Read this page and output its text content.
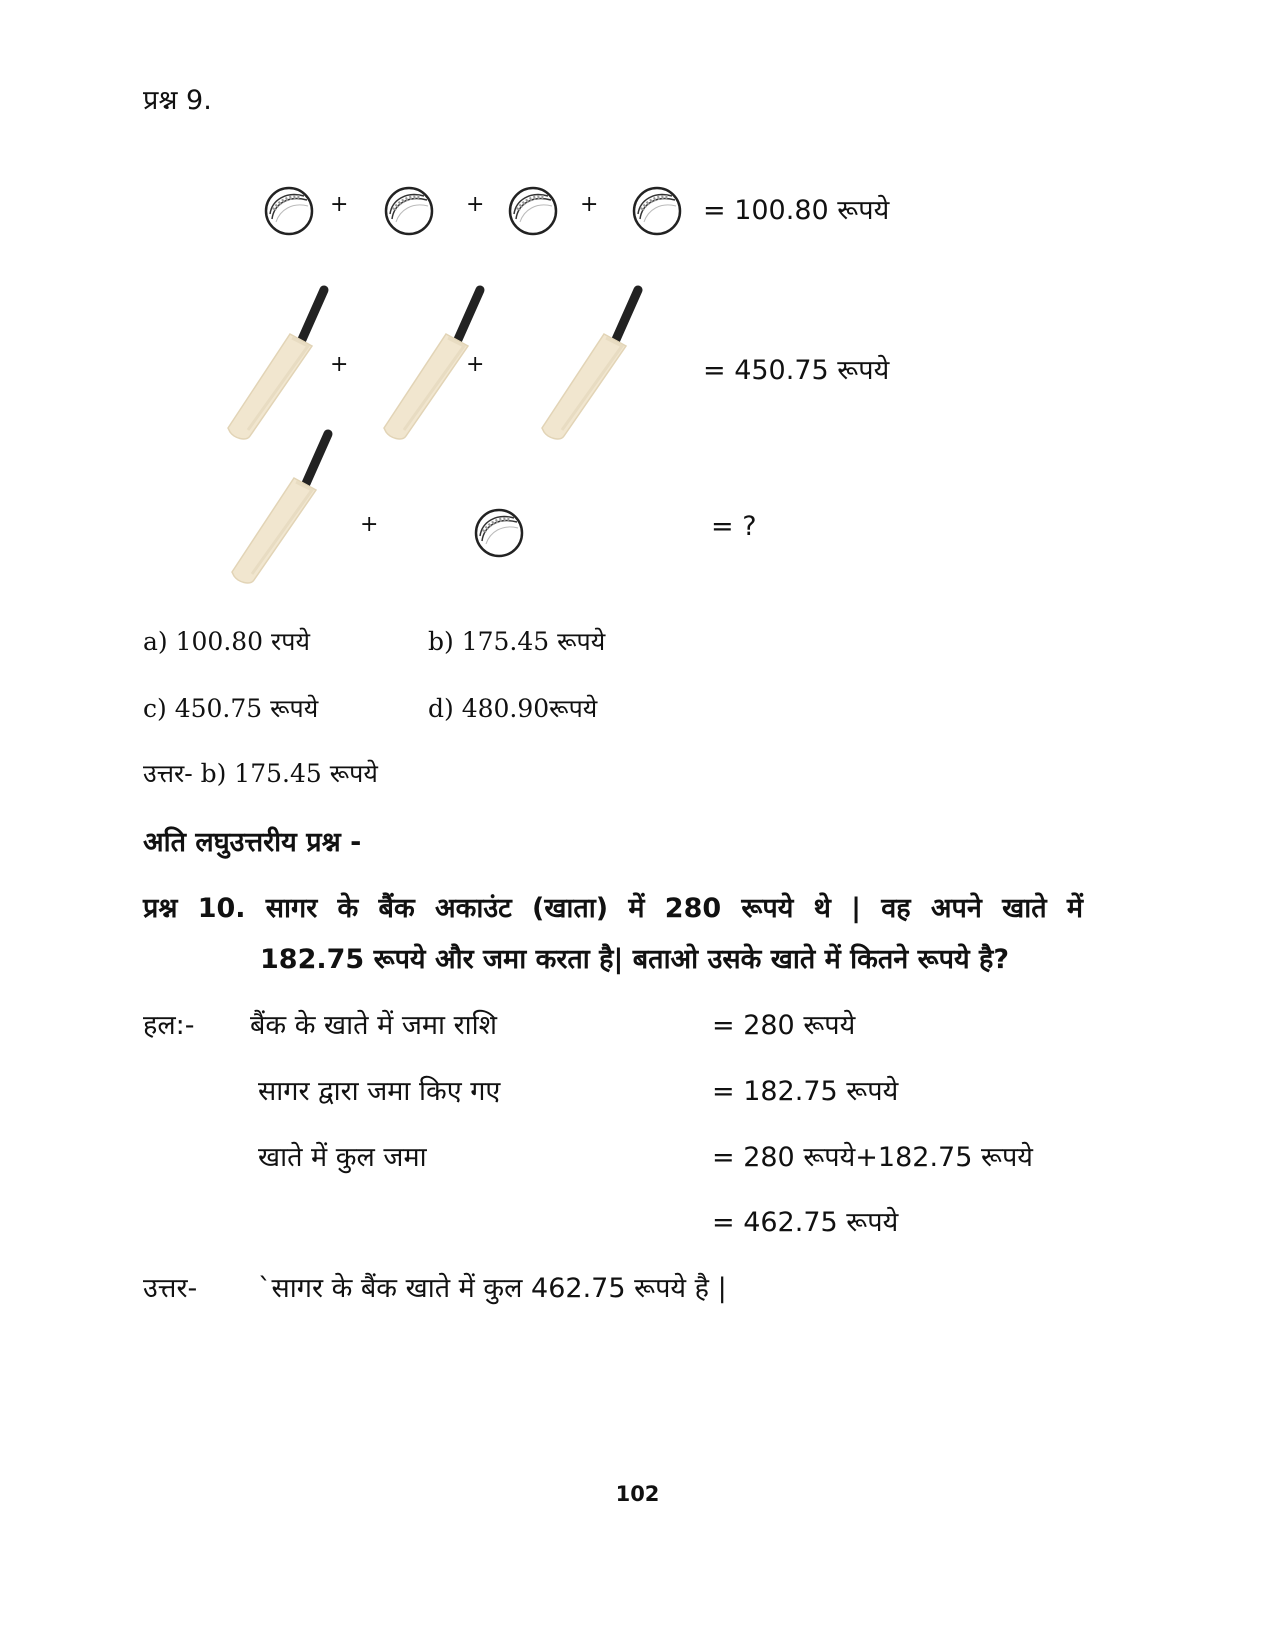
प्रश्न 9.
+	+	+	= 100.80 रूपये
+	+	= 450.75 रूपये
+	= ?
a) 100.80 रपये	b) 175.45 रूपये
c) 450.75 रूपये	d) 480.90रूपये
उत्तर- b) 175.45 रूपये
अति लघुउत्तरीय प्रश्न -
प्रश्न 10. सागर के बैंक अकाउंट (खाता) में 280 रूपये थे | वह अपने खाते में
182.75 रूपये और जमा करता है| बताओ उसके खाते में कितने रूपये है?
हल:- बैंक के खाते में जमा राशि	= 280 रूपये
सागर द्वारा जमा किए गए	= 182.75 रूपये
खाते में कुल जमा	= 280 रूपये+182.75 रूपये
= 462.75 रूपये
उत्तर- `सागर के बैंक खाते में कुल 462.75 रूपये है |
102
